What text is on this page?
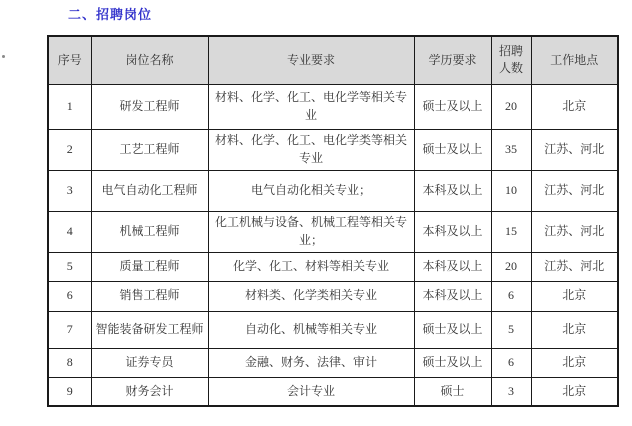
二、招聘岗位
序号	岗位名称	专业要求	学历要求	招聘人数	工作地点
1	研发工程师	材料、化学、化工、电化学等相关专业	硕士及以上	20	北京
2	工艺工程师	材料、化学、化工、电化学类等相关专业	硕士及以上	35	江苏、河北
3	电气自动化工程师	电气自动化相关专业；	本科及以上	10	江苏、河北
4	机械工程师	化工机械与设备、机械工程等相关专业；	本科及以上	15	江苏、河北
5	质量工程师	化学、化工、材料等相关专业	本科及以上	20	江苏、河北
6	销售工程师	材料类、化学类相关专业	本科及以上	6	北京
7	智能装备研发工程师	自动化、机械等相关专业	硕士及以上	5	北京
8	证券专员	金融、财务、法律、审计	硕士及以上	6	北京
9	财务会计	会计专业	硕士	3	北京
